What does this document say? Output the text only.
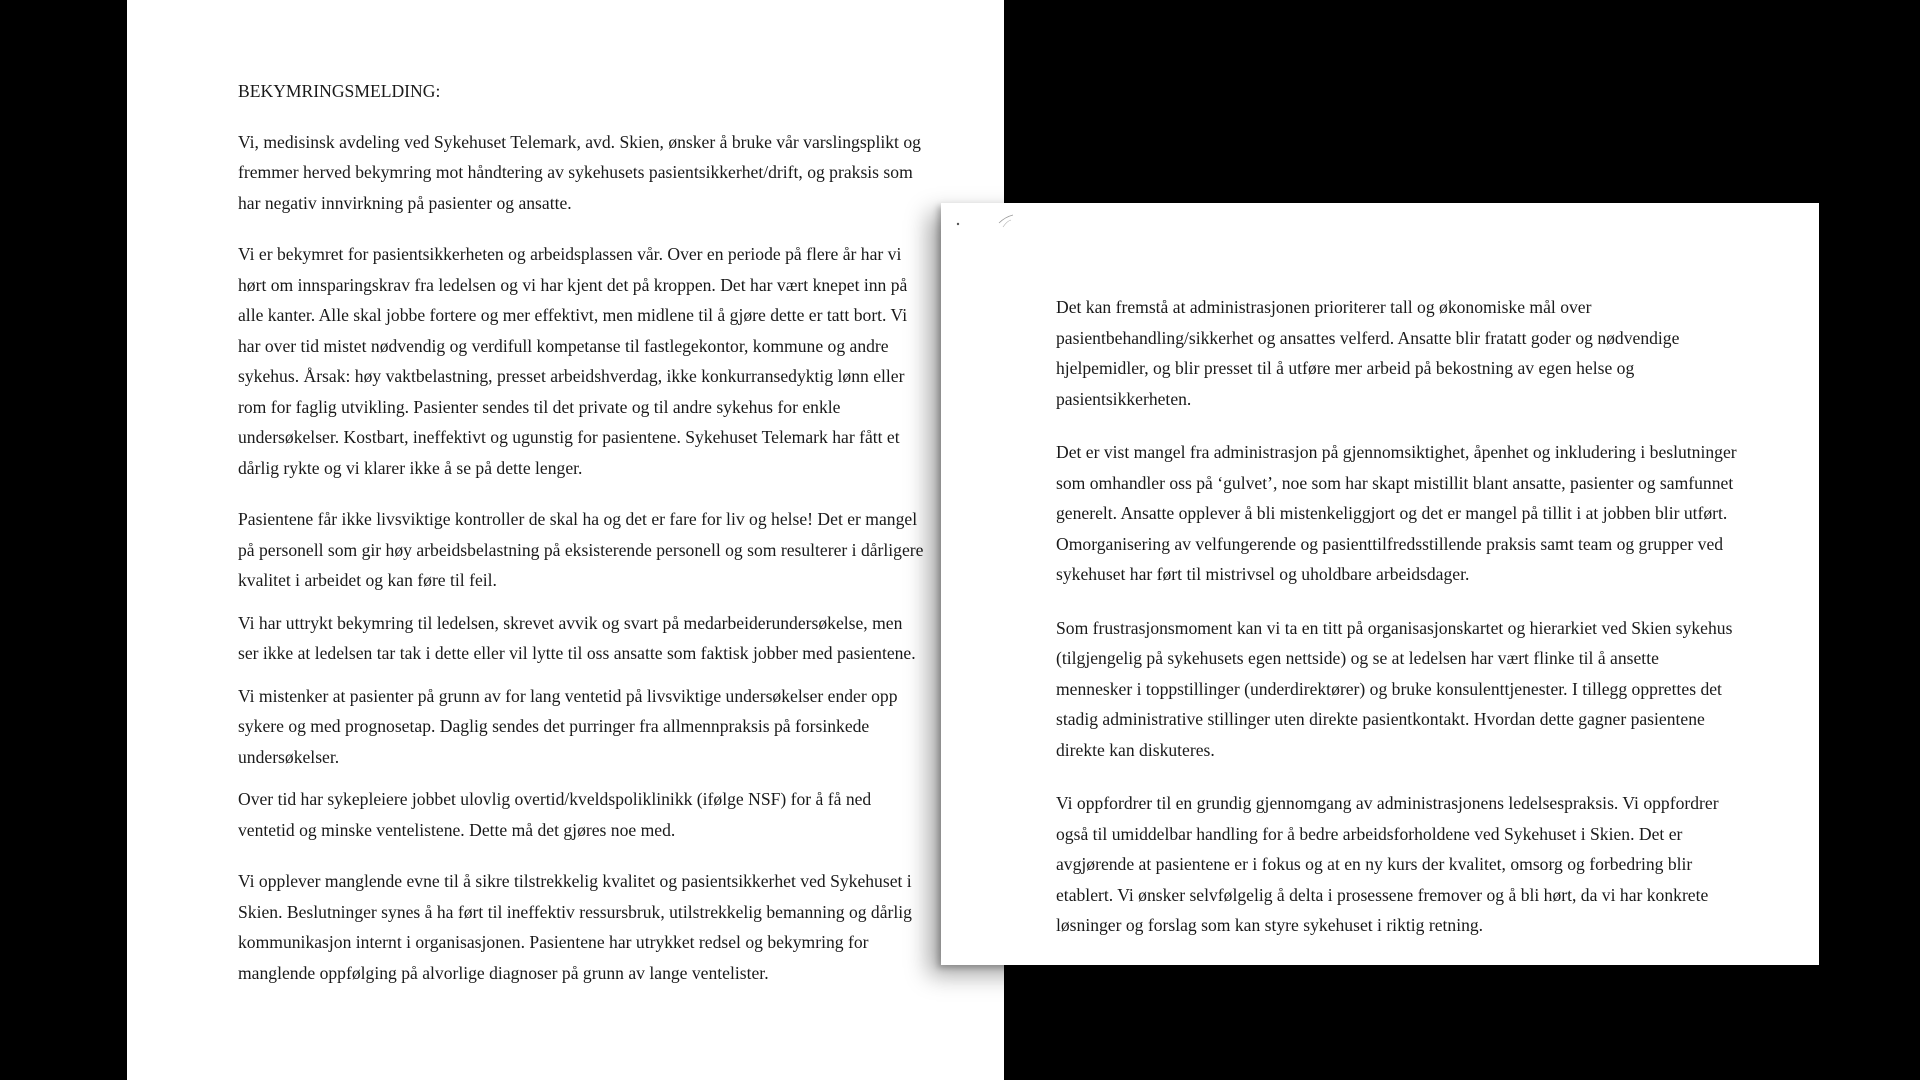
BEKYMRINGSMELDING:

Vi, medisinsk avdeling ved Sykehuset Telemark, avd. Skien, ønsker å bruke vår varslingsplikt og fremmer herved bekymring mot håndtering av sykehusets pasientsikkerhet/drift, og praksis som har negativ innvirkning på pasienter og ansatte.

Vi er bekymret for pasientsikkerheten og arbeidsplassen vår. Over en periode på flere år har vi hørt om innsparingskrav fra ledelsen og vi har kjent det på kroppen. Det har vært knepet inn på alle kanter. Alle skal jobbe fortere og mer effektivt, men midlene til å gjøre dette er tatt bort. Vi har over tid mistet nødvendig og verdifull kompetanse til fastlegekontor, kommune og andre sykehus. Årsak: høy vaktbelastning, presset arbeidshverdag, ikke konkurransedyktig lønn eller rom for faglig utvikling. Pasienter sendes til det private og til andre sykehus for enkle undersøkelser. Kostbart, ineffektivt og ugunstig for pasientene. Sykehuset Telemark har fått et dårlig rykte og vi klarer ikke å se på dette lenger.

Pasientene får ikke livsviktige kontroller de skal ha og det er fare for liv og helse! Det er mangel på personell som gir høy arbeidsbelastning på eksisterende personell og som resulterer i dårligere kvalitet i arbeidet og kan føre til feil.

Vi har uttrykt bekymring til ledelsen, skrevet avvik og svart på medarbeiderundersøkelse, men ser ikke at ledelsen tar tak i dette eller vil lytte til oss ansatte som faktisk jobber med pasientene.

Vi mistenker at pasienter på grunn av for lang ventetid på livsviktige undersøkelser ender opp sykere og med prognosetap. Daglig sendes det purringer fra allmennpraksis på forsinkede undersøkelser.

Over tid har sykepleiere jobbet ulovlig overtid/kveldspoliklinikk (ifølge NSF) for å få ned ventetid og minske ventelistene. Dette må det gjøres noe med.

Vi opplever manglende evne til å sikre tilstrekkelig kvalitet og pasientsikkerhet ved Sykehuset i Skien. Beslutninger synes å ha ført til ineffektiv ressursbruk, utilstrekkelig bemanning og dårlig kommunikasjon internt i organisasjonen. Pasientene har utrykket redsel og bekymring for manglende oppfølging på alvorlige diagnoser på grunn av lange ventelister.

Det kan fremstå at administrasjonen prioriterer tall og økonomiske mål over pasientbehandling/sikkerhet og ansattes velferd. Ansatte blir fratatt goder og nødvendige hjelpemidler, og blir presset til å utføre mer arbeid på bekostning av egen helse og pasientsikkerheten.

Det er vist mangel fra administrasjon på gjennomsiktighet, åpenhet og inkludering i beslutninger som omhandler oss på ‘gulvet’, noe som har skapt mistillit blant ansatte, pasienter og samfunnet generelt. Ansatte opplever å bli mistenkeliggjort og det er mangel på tillit i at jobben blir utført. Omorganisering av velfungerende og pasienttilfredsstillende praksis samt team og grupper ved sykehuset har ført til mistrivsel og uholdbare arbeidsdager.

Som frustrasjonsmoment kan vi ta en titt på organisasjonskartet og hierarkiet ved Skien sykehus (tilgjengelig på sykehusets egen nettside) og se at ledelsen har vært flinke til å ansette mennesker i toppstillinger (underdirektører) og bruke konsulenttjenester. I tillegg opprettes det stadig administrative stillinger uten direkte pasientkontakt. Hvordan dette gagner pasientene direkte kan diskuteres.

Vi oppfordrer til en grundig gjennomgang av administrasjonens ledelsespraksis. Vi oppfordrer også til umiddelbar handling for å bedre arbeidsforholdene ved Sykehuset i Skien. Det er avgjørende at pasientene er i fokus og at en ny kurs der kvalitet, omsorg og forbedring blir etablert. Vi ønsker selvfølgelig å delta i prosessene fremover og å bli hørt, da vi har konkrete løsninger og forslag som kan styre sykehuset i riktig retning.
